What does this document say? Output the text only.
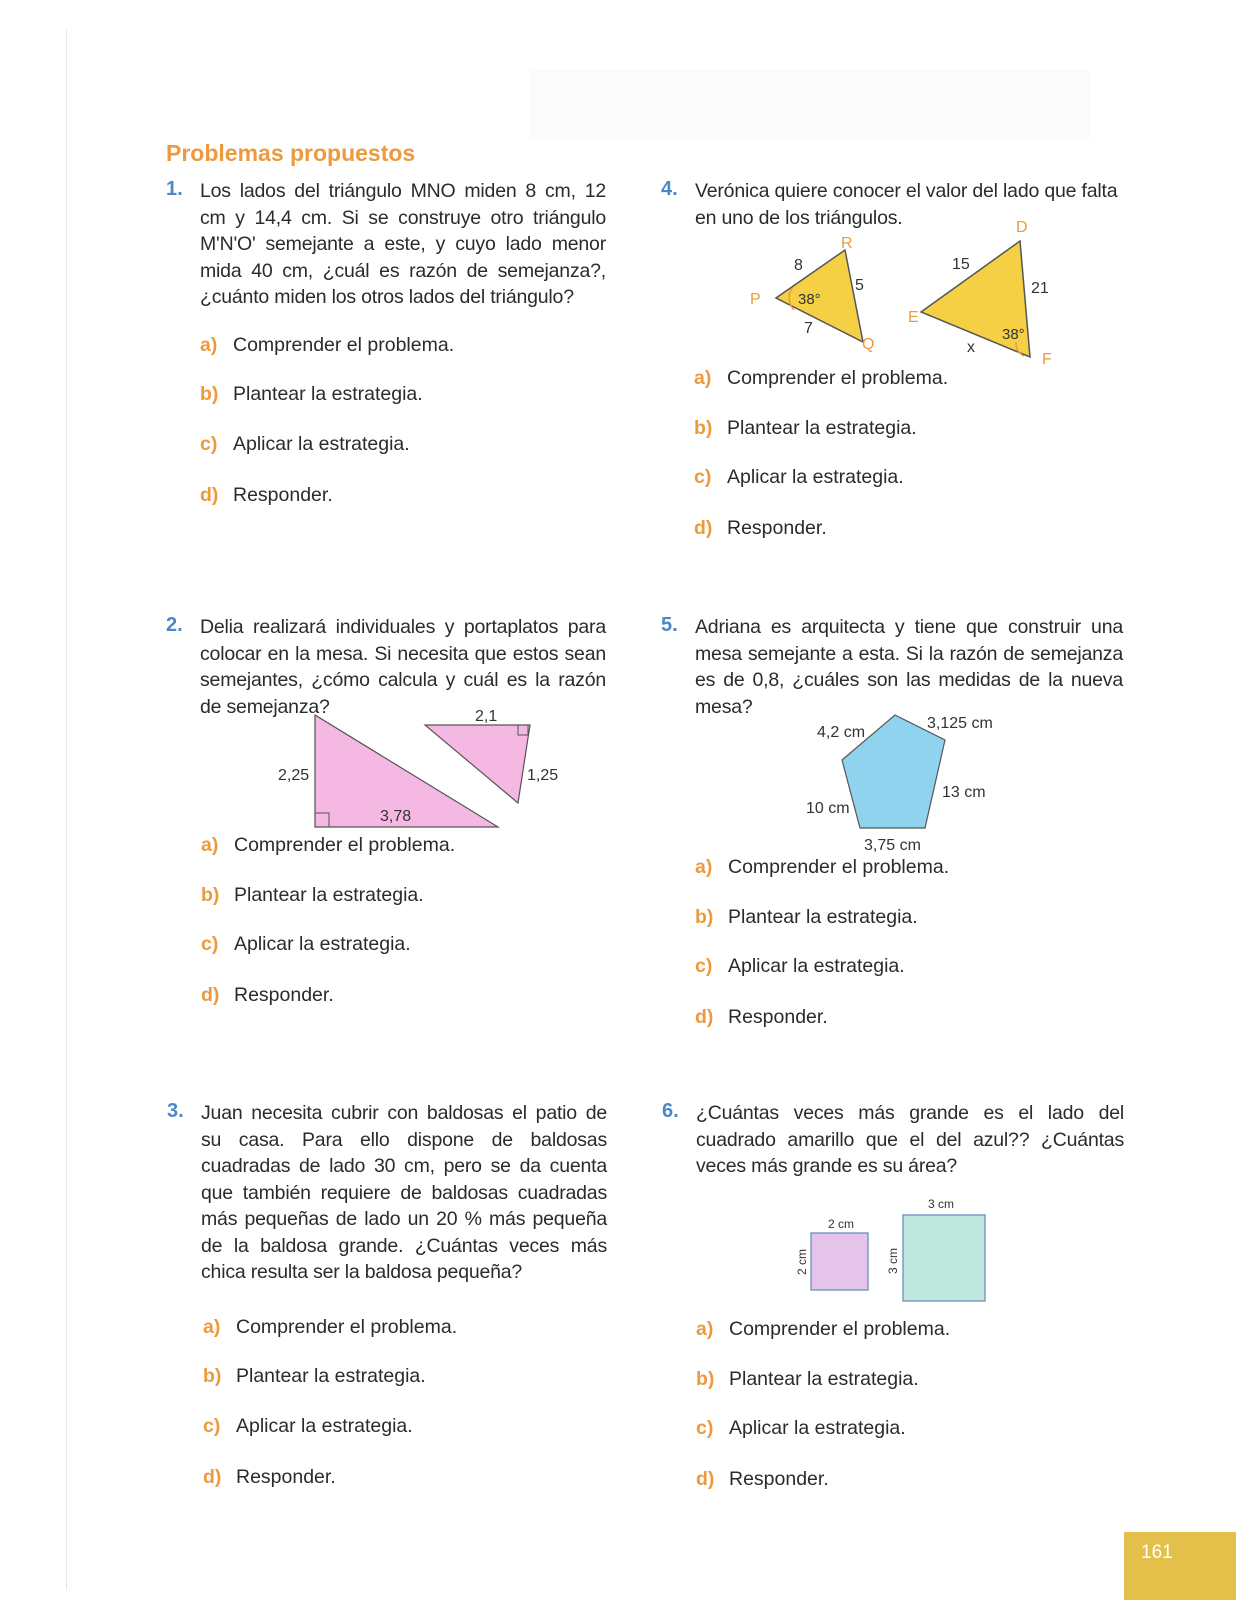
Problemas propuestos
1. Los lados del triángulo MNO miden 8 cm, 12 cm y 14,4 cm. Si se construye otro triángulo M'N'O' semejante a este, y cuyo lado menor mida 40 cm, ¿cuál es razón de semejanza?, ¿cuánto miden los otros lados del triángulo?
a) Comprender el problema.
b) Plantear la estrategia.
c) Aplicar la estrategia.
d) Responder.
4. Verónica quiere conocer el valor del lado que falta en uno de los triángulos.
R
P
Q
8
5
7
38°
D
E
F
15
21
x
38°
a) Comprender el problema.
b) Plantear la estrategia.
c) Aplicar la estrategia.
d) Responder.
2. Delia realizará individuales y portaplatos para colocar en la mesa. Si necesita que estos sean semejantes, ¿cómo calcula y cuál es la razón de semejanza?
2,25
3,78
2,1
1,25
a) Comprender el problema.
b) Plantear la estrategia.
c) Aplicar la estrategia.
d) Responder.
5. Adriana es arquitecta y tiene que construir una mesa semejante a esta. Si la razón de semejanza es de 0,8, ¿cuáles son las medidas de la nueva mesa?
4,2 cm
3,125 cm
13 cm
3,75 cm
10 cm
a) Comprender el problema.
b) Plantear la estrategia.
c) Aplicar la estrategia.
d) Responder.
3. Juan necesita cubrir con baldosas el patio de su casa. Para ello dispone de baldosas cuadradas de lado 30 cm, pero se da cuenta que también requiere de baldosas cuadradas más pequeñas de lado un 20 % más pequeña de la baldosa grande. ¿Cuántas veces más chica resulta ser la baldosa pequeña?
a) Comprender el problema.
b) Plantear la estrategia.
c) Aplicar la estrategia.
d) Responder.
6. ¿Cuántas veces más grande es el lado del cuadrado amarillo que el del azul?? ¿Cuántas veces más grande es su área?
2 cm
2 cm
3 cm
3 cm
a) Comprender el problema.
b) Plantear la estrategia.
c) Aplicar la estrategia.
d) Responder.
161
